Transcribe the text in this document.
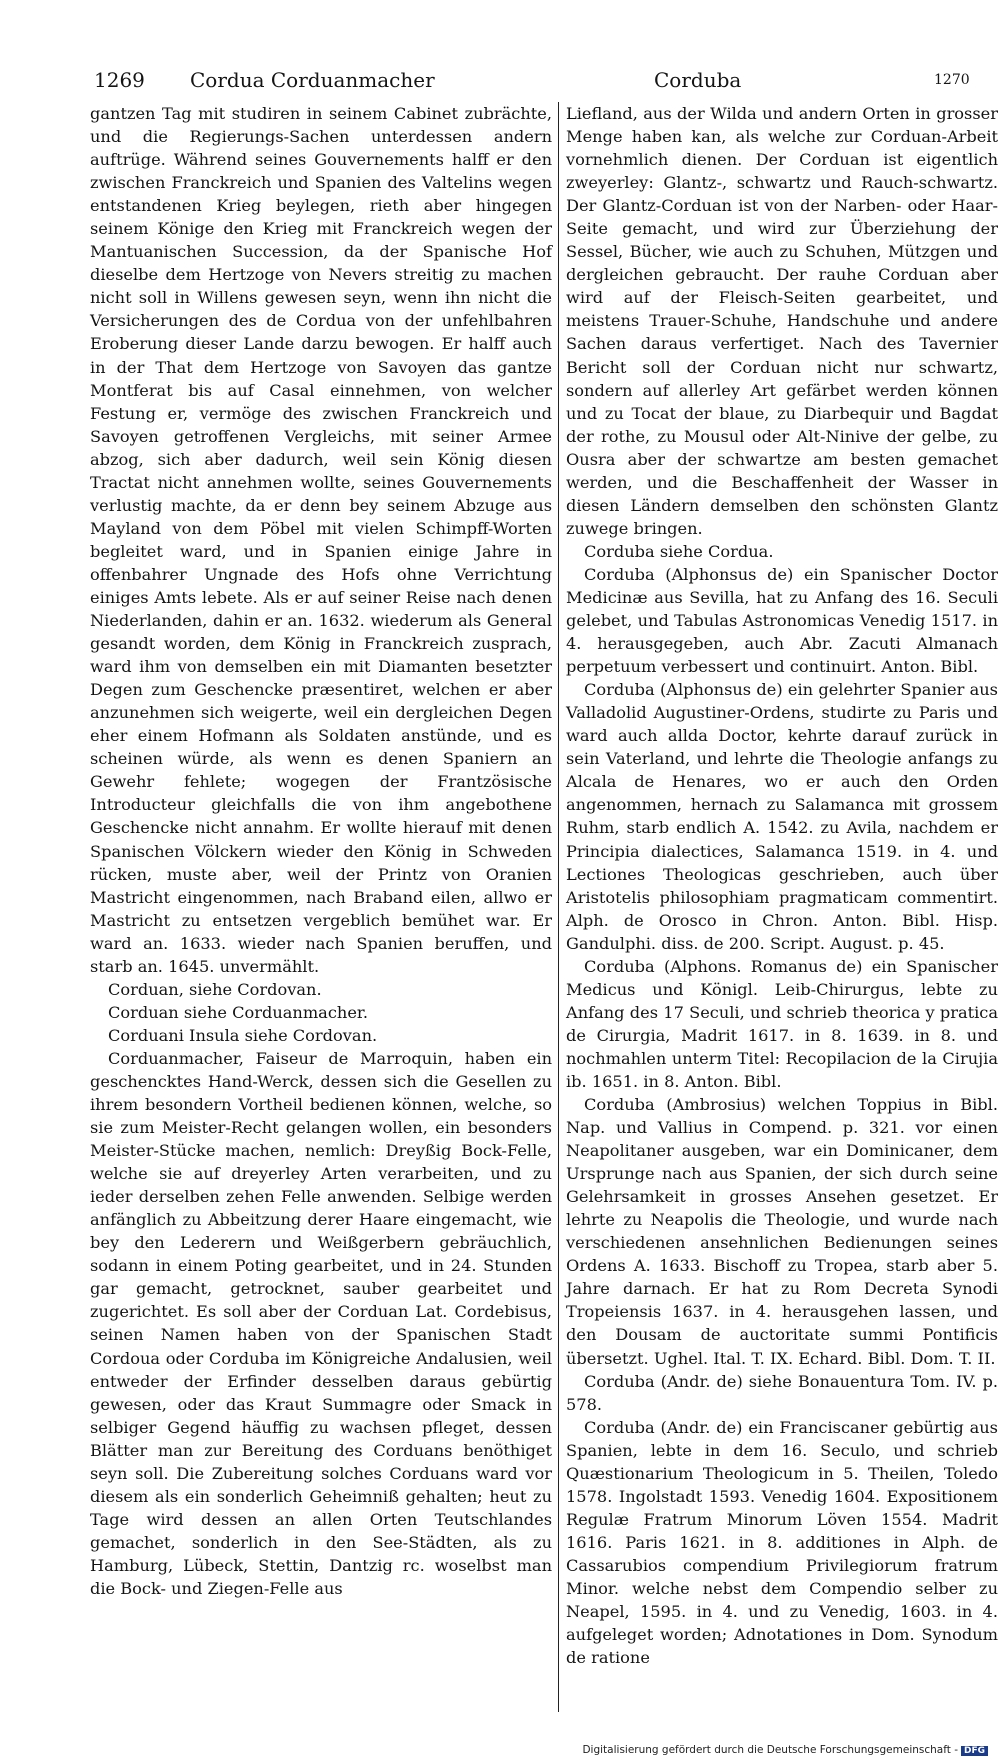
1269 Cordua Corduanmacher	Corduba	1270

gantzen Tag mit studiren in seinem Cabinet zubrächte, und die Regierungs-Sachen unterdessen andern auftrüge. Während seines Gouvernements halff er den zwischen Franckreich und Spanien des Valtelins wegen entstandenen Krieg beylegen, rieth aber hingegen seinem Könige den Krieg mit Franckreich wegen der Mantuanischen Succession, da der Spanische Hof dieselbe dem Hertzoge von Nevers streitig zu machen nicht soll in Willens gewesen seyn, wenn ihn nicht die Versicherungen des de Cordua von der unfehlbahren Eroberung dieser Lande darzu bewogen. Er halff auch in der That dem Hertzoge von Savoyen das gantze Montferat bis auf Casal einnehmen, von welcher Festung er, vermöge des zwischen Franckreich und Savoyen getroffenen Vergleichs, mit seiner Armee abzog, sich aber dadurch, weil sein König diesen Tractat nicht annehmen wollte, seines Gouvernements verlustig machte, da er denn bey seinem Abzuge aus Mayland von dem Pöbel mit vielen Schimpff-Worten begleitet ward, und in Spanien einige Jahre in offenbahrer Ungnade des Hofs ohne Verrichtung einiges Amts lebete. Als er auf seiner Reise nach denen Niederlanden, dahin er an. 1632. wiederum als General gesandt worden, dem König in Franckreich zusprach, ward ihm von demselben ein mit Diamanten besetzter Degen zum Geschencke præsentiret, welchen er aber anzunehmen sich weigerte, weil ein dergleichen Degen eher einem Hofmann als Soldaten anstünde, und es scheinen würde, als wenn es denen Spaniern an Gewehr fehlete; wogegen der Frantzösische Introducteur gleichfalls die von ihm angebothene Geschencke nicht annahm. Er wollte hierauf mit denen Spanischen Völckern wieder den König in Schweden rücken, muste aber, weil der Printz von Oranien Mastricht eingenommen, nach Braband eilen, allwo er Mastricht zu entsetzen vergeblich bemühet war. Er ward an. 1633. wieder nach Spanien beruffen, und starb an. 1645. unvermählt.

Corduan, siehe Cordovan.

Corduan siehe Corduanmacher.

Corduani Insula siehe Cordovan.

Corduanmacher, Faiseur de Marroquin, haben ein geschencktes Hand-Werck, dessen sich die Gesellen zu ihrem besondern Vortheil bedienen können, welche, so sie zum Meister-Recht gelangen wollen, ein besonders Meister-Stücke machen, nemlich: Dreyßig Bock-Felle, welche sie auf dreyerley Arten verarbeiten, und zu ieder derselben zehen Felle anwenden. Selbige werden anfänglich zu Abbeitzung derer Haare eingemacht, wie bey den Lederern und Weißgerbern gebräuchlich, sodann in einem Poting gearbeitet, und in 24. Stunden gar gemacht, getrocknet, sauber gearbeitet und zugerichtet. Es soll aber der Corduan Lat. Cordebisus, seinen Namen haben von der Spanischen Stadt Cordoua oder Corduba im Königreiche Andalusien, weil entweder der Erfinder desselben daraus gebürtig gewesen, oder das Kraut Summagre oder Smack in selbiger Gegend häuffig zu wachsen pfleget, dessen Blätter man zur Bereitung des Corduans benöthiget seyn soll. Die Zubereitung solches Corduans ward vor diesem als ein sonderlich Geheimniß gehalten; heut zu Tage wird dessen an allen Orten Teutschlandes gemachet, sonderlich in den See-Städten, als zu Hamburg, Lübeck, Stettin, Dantzig rc. woselbst man die Bock- und Ziegen-Felle aus

Liefland, aus der Wilda und andern Orten in grosser Menge haben kan, als welche zur Corduan-Arbeit vornehmlich dienen. Der Corduan ist eigentlich zweyerley: Glantz-, schwartz und Rauch-schwartz. Der Glantz-Corduan ist von der Narben- oder Haar-Seite gemacht, und wird zur Überziehung der Sessel, Bücher, wie auch zu Schuhen, Mützgen und dergleichen gebraucht. Der rauhe Corduan aber wird auf der Fleisch-Seiten gearbeitet, und meistens Trauer-Schuhe, Handschuhe und andere Sachen daraus verfertiget. Nach des Tavernier Bericht soll der Corduan nicht nur schwartz, sondern auf allerley Art gefärbet werden können und zu Tocat der blaue, zu Diarbequir und Bagdat der rothe, zu Mousul oder Alt-Ninive der gelbe, zu Ousra aber der schwartze am besten gemachet werden, und die Beschaffenheit der Wasser in diesen Ländern demselben den schönsten Glantz zuwege bringen.

Corduba siehe Cordua.

Corduba (Alphonsus de) ein Spanischer Doctor Medicinæ aus Sevilla, hat zu Anfang des 16. Seculi gelebet, und Tabulas Astronomicas Venedig 1517. in 4. herausgegeben, auch Abr. Zacuti Almanach perpetuum verbessert und continuirt. Anton. Bibl.

Corduba (Alphonsus de) ein gelehrter Spanier aus Valladolid Augustiner-Ordens, studirte zu Paris und ward auch allda Doctor, kehrte darauf zurück in sein Vaterland, und lehrte die Theologie anfangs zu Alcala de Henares, wo er auch den Orden angenommen, hernach zu Salamanca mit grossem Ruhm, starb endlich A. 1542. zu Avila, nachdem er Principia dialectices, Salamanca 1519. in 4. und Lectiones Theologicas geschrieben, auch über Aristotelis philosophiam pragmaticam commentirt. Alph. de Orosco in Chron. Anton. Bibl. Hisp. Gandulphi. diss. de 200. Script. August. p. 45.

Corduba (Alphons. Romanus de) ein Spanischer Medicus und Königl. Leib-Chirurgus, lebte zu Anfang des 17 Seculi, und schrieb theorica y pratica de Cirurgia, Madrit 1617. in 8. 1639. in 8. und nochmahlen unterm Titel: Recopilacion de la Cirujia ib. 1651. in 8. Anton. Bibl.

Corduba (Ambrosius) welchen Toppius in Bibl. Nap. und Vallius in Compend. p. 321. vor einen Neapolitaner ausgeben, war ein Dominicaner, dem Ursprunge nach aus Spanien, der sich durch seine Gelehrsamkeit in grosses Ansehen gesetzet. Er lehrte zu Neapolis die Theologie, und wurde nach verschiedenen ansehnlichen Bedienungen seines Ordens A. 1633. Bischoff zu Tropea, starb aber 5. Jahre darnach. Er hat zu Rom Decreta Synodi Tropeiensis 1637. in 4. herausgehen lassen, und den Dousam de auctoritate summi Pontificis übersetzt. Ughel. Ital. T. IX. Echard. Bibl. Dom. T. II.

Corduba (Andr. de) siehe Bonauentura Tom. IV. p. 578.

Corduba (Andr. de) ein Franciscaner gebürtig aus Spanien, lebte in dem 16. Seculo, und schrieb Quæstionarium Theologicum in 5. Theilen, Toledo 1578. Ingolstadt 1593. Venedig 1604. Expositionem Regulæ Fratrum Minorum Löven 1554. Madrit 1616. Paris 1621. in 8. additiones in Alph. de Cassarubios compendium Privilegiorum fratrum Minor. welche nebst dem Compendio selber zu Neapel, 1595. in 4. und zu Venedig, 1603. in 4. aufgeleget worden; Adnotationes in Dom. Synodum de ratione

Digitalisierung gefördert durch die Deutsche Forschungsgemeinschaft - DFG
